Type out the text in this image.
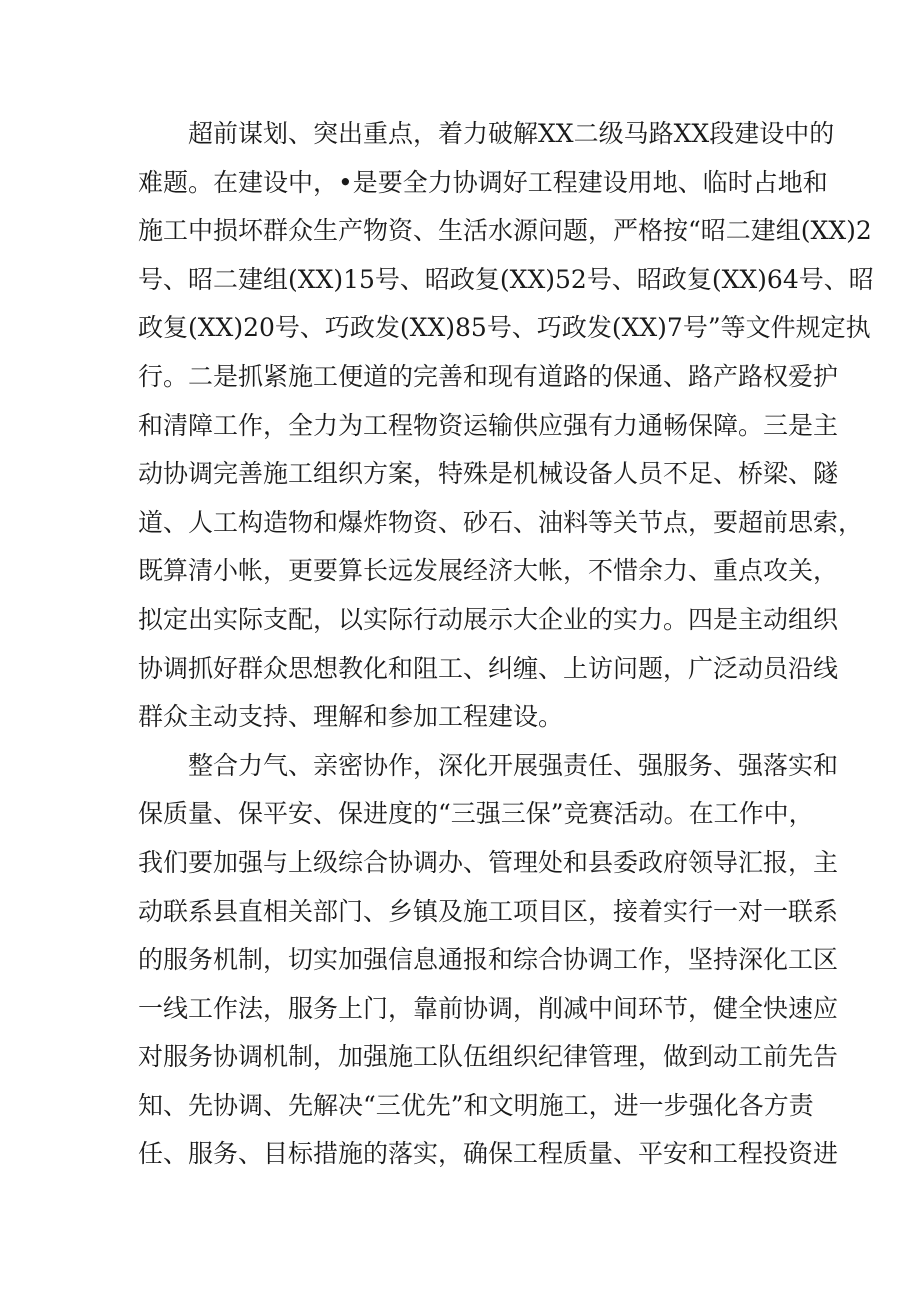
超前谋划、突出重点，着力破解XX二级马路XX段建设中的
难题。在建设中，•是要全力协调好工程建设用地、临时占地和
施工中损坏群众生产物资、生活水源问题，严格按“昭二建组(XX)2
号、昭二建组(XX)15号、昭政复(XX)52号、昭政复(XX)64号、昭
政复(XX)20号、巧政发(XX)85号、巧政发(XX)7号”等文件规定执
行。二是抓紧施工便道的完善和现有道路的保通、路产路权爱护
和清障工作，全力为工程物资运输供应强有力通畅保障。三是主
动协调完善施工组织方案，特殊是机械设备人员不足、桥梁、隧
道、人工构造物和爆炸物资、砂石、油料等关节点，要超前思索，
既算清小帐，更要算长远发展经济大帐，不惜余力、重点攻关，
拟定出实际支配，以实际行动展示大企业的实力。四是主动组织
协调抓好群众思想教化和阻工、纠缠、上访问题，广泛动员沿线
群众主动支持、理解和参加工程建设。
整合力气、亲密协作，深化开展强责任、强服务、强落实和
保质量、保平安、保进度的“三强三保”竞赛活动。在工作中，
我们要加强与上级综合协调办、管理处和县委政府领导汇报，主
动联系县直相关部门、乡镇及施工项目区，接着实行一对一联系
的服务机制，切实加强信息通报和综合协调工作，坚持深化工区
一线工作法，服务上门，靠前协调，削减中间环节，健全快速应
对服务协调机制，加强施工队伍组织纪律管理，做到动工前先告
知、先协调、先解决“三优先”和文明施工，进一步强化各方责
任、服务、目标措施的落实，确保工程质量、平安和工程投资进
